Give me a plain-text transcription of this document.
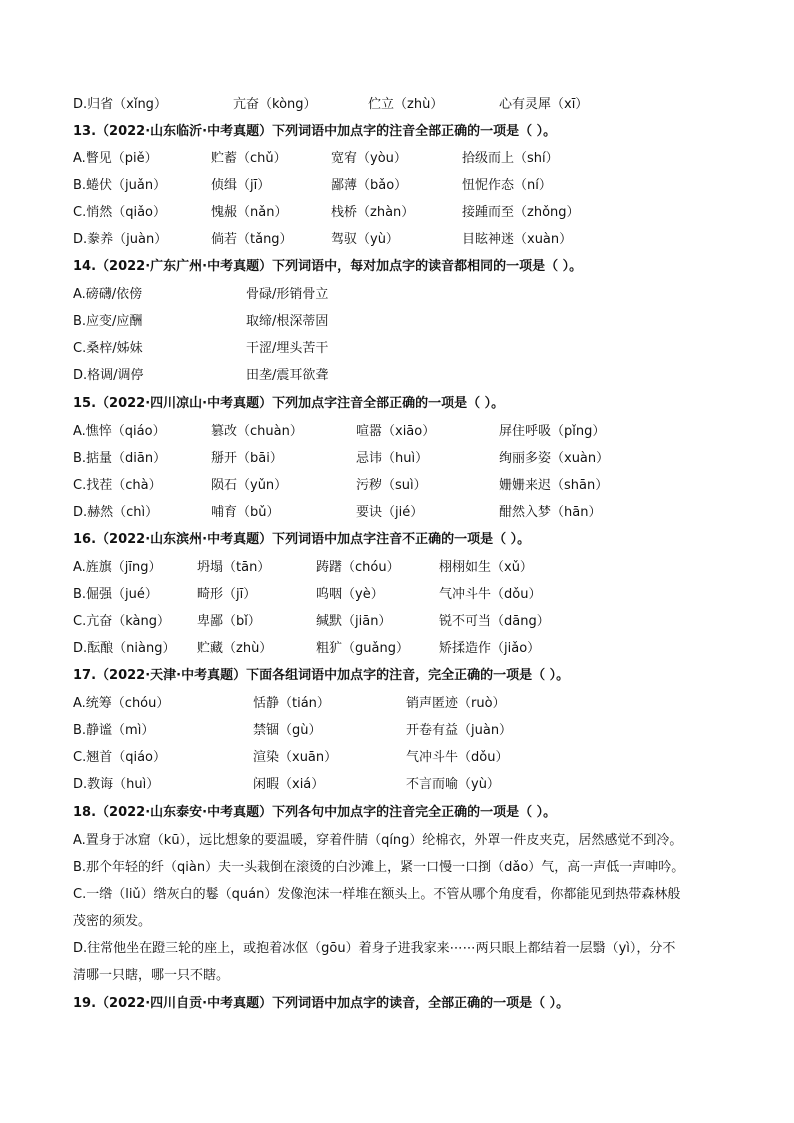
D.归省（xǐng）	亢奋（kòng）	伫立（zhù）	心有灵犀（xī）
13.（2022·山东临沂·中考真题）下列词语中加点字的注音全部正确的一项是（ ）。
A.瞥见（piě）	贮蓄（chǔ）	宽宥（yòu）	拾级而上（shí）
B.蜷伏（juǎn）	侦缉（jī）	鄙薄（bǎo）	忸怩作态（ní）
C.悄然（qiǎo）	愧赧（nǎn）	栈桥（zhàn）	接踵而至（zhǒng）
D.豢养（juàn）	倘若（tǎng）	驾驭（yù）	目眩神迷（xuàn）
14.（2022·广东广州·中考真题）下列词语中，每对加点字的读音都相同的一项是（ ）。
A.磅礴/依傍	骨碌/形销骨立
B.应变/应酬	取缔/根深蒂固
C.桑梓/姊妹	干涩/埋头苦干
D.格调/调停	田垄/震耳欲聋
15.（2022·四川凉山·中考真题）下列加点字注音全部正确的一项是（ ）。
A.憔悴（qiáo）	篡改（chuàn）	喧嚣（xiāo）	屏住呼吸（pǐng）
B.掂量（diān）	掰开（bāi）	忌讳（huì）	绚丽多姿（xuàn）
C.找茬（chà）	陨石（yǔn）	污秽（suì）	姗姗来迟（shān）
D.赫然（chì）	哺育（bǔ）	要诀（jié）	酣然入梦（hān）
16.（2022·山东滨州·中考真题）下列词语中加点字注音不正确的一项是（ ）。
A.旌旗（jīng）	坍塌（tān）	踌躇（chóu）	栩栩如生（xǔ）
B.倔强（jué）	畸形（jī）	呜咽（yè）	气冲斗牛（dǒu）
C.亢奋（kàng） 卑鄙（bǐ）	缄默（jiān）	锐不可当（dāng）
D.酝酿（niàng） 贮藏（zhù）	粗犷（guǎng） 矫揉造作（jiǎo）
17.（2022·天津·中考真题）下面各组词语中加点字的注音，完全正确的一项是（ ）。
A.统筹（chóu）	恬静（tián）	销声匿迹（ruò）
B.静谧（mì）	禁锢（gù）	开卷有益（juàn）
C.翘首（qiáo）	渲染（xuān）	气冲斗牛（dǒu）
D.教诲（huì）	闲暇（xiá）	不言而喻（yù）
18.（2022·山东泰安·中考真题）下列各句中加点字的注音完全正确的一项是（ ）。
A.置身于冰窟（kū），远比想象的要温暖，穿着件腈（qíng）纶棉衣，外罩一件皮夹克，居然感觉不到冷。
B.那个年轻的纤（qiàn）夫一头栽倒在滚烫的白沙滩上，紧一口慢一口捯（dǎo）气，高一声低一声呻吟。
C.一绺（liǔ）绺灰白的鬈（quán）发像泡沫一样堆在额头上。不管从哪个角度看，你都能见到热带森林般
茂密的须发。
D.往常他坐在蹬三轮的座上，或抱着冰伛（gōu）着身子进我家来⋯⋯两只眼上都结着一层翳（yì），分不
清哪一只瞎，哪一只不瞎。
19.（2022·四川自贡·中考真题）下列词语中加点字的读音，全部正确的一项是（ ）。
